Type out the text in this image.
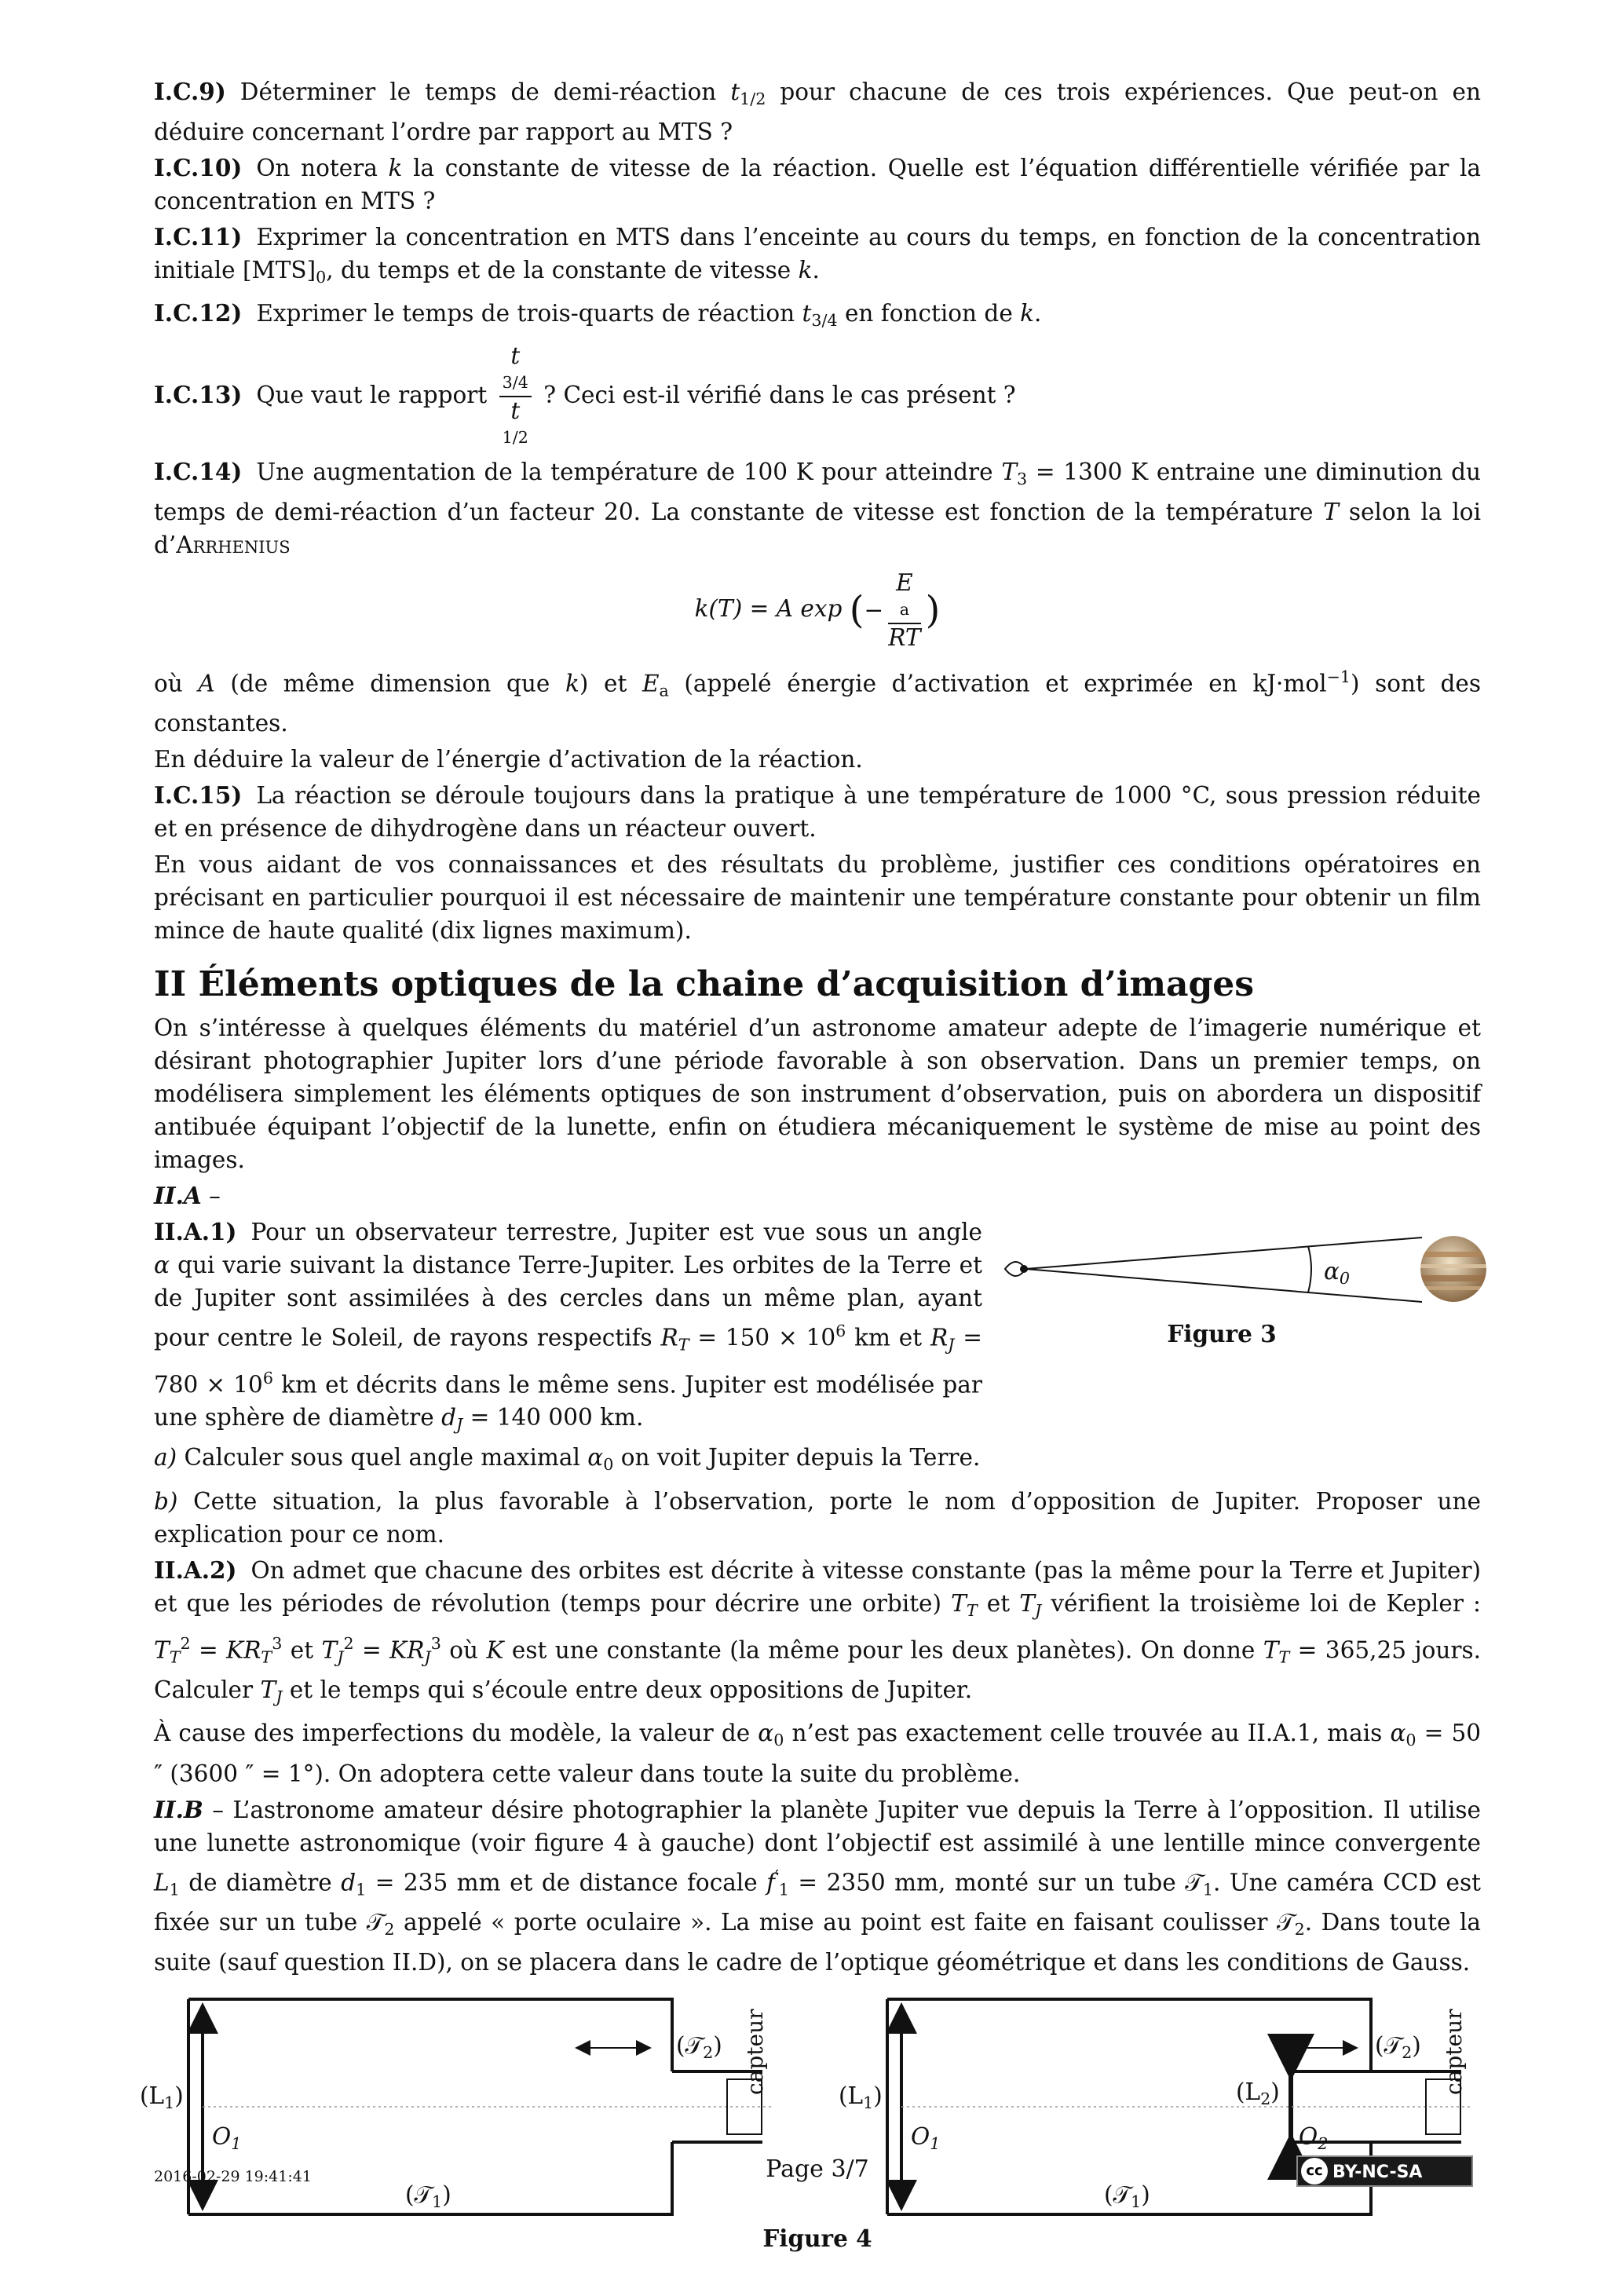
I.C.9) Déterminer le temps de demi-réaction $t_{1/2}$ pour chacune de ces trois expériences. Que peut-on en déduire concernant l’ordre par rapport au MTS ?

I.C.10) On notera k la constante de vitesse de la réaction. Quelle est l’équation différentielle vérifiée par la concentration en MTS ?

I.C.11) Exprimer la concentration en MTS dans l’enceinte au cours du temps, en fonction de la concentration initiale $[MTS]_0$, du temps et de la constante de vitesse k.

I.C.12) Exprimer le temps de trois-quarts de réaction $t_{3/4}$ en fonction de k.

I.C.13) Que vaut le rapport t
3/4
t
1/2 ? Ceci est-il vérifié dans le cas présent ?

I.C.14) Une augmentation de la température de 100 K pour atteindre $T_3 = 1300$ K entraine une diminution du temps de demi-réaction d’un facteur 20. La constante de vitesse est fonction de la température T selon la loi d’Arrhenius

k(T) = A exp (− E
a
RT )

où A (de même dimension que k) et $E_a$ (appelé énergie d’activation et exprimée en kJ·mol$^{-1}$) sont des constantes.

En déduire la valeur de l’énergie d’activation de la réaction.

I.C.15) La réaction se déroule toujours dans la pratique à une température de 1000 °C, sous pression réduite et en présence de dihydrogène dans un réacteur ouvert.

En vous aidant de vos connaissances et des résultats du problème, justifier ces conditions opératoires en précisant en particulier pourquoi il est nécessaire de maintenir une température constante pour obtenir un film mince de haute qualité (dix lignes maximum).

II Éléments optiques de la chaine d’acquisition d’images

On s’intéresse à quelques éléments du matériel d’un astronome amateur adepte de l’imagerie numérique et désirant photographier Jupiter lors d’une période favorable à son observation. Dans un premier temps, on modélisera simplement les éléments optiques de son instrument d’observation, puis on abordera un dispositif antibuée équipant l’objectif de la lunette, enfin on étudiera mécaniquement le système de mise au point des images.

II.A –

II.A.1) Pour un observateur terrestre, Jupiter est vue sous un angle α qui varie suivant la distance Terre-Jupiter. Les orbites de la Terre et de Jupiter sont assimilées à des cercles dans un même plan, ayant pour centre le Soleil, de rayons respectifs $R_T = 150 \times 10^6$ km et $R_J = 780 \times 10^6$ km et décrits dans le même sens. Jupiter est modélisée par une sphère de diamètre $d_J = 140$ 000 km.
$\alpha_0$
Figure 3

a) Calculer sous quel angle maximal $\alpha_0$ on voit Jupiter depuis la Terre.

b) Cette situation, la plus favorable à l’observation, porte le nom d’opposition de Jupiter. Proposer une explication pour ce nom.

II.A.2) On admet que chacune des orbites est décrite à vitesse constante (pas la même pour la Terre et Jupiter) et que les périodes de révolution (temps pour décrire une orbite) $T_T$ et $T_J$ vérifient la troisième loi de Kepler : $T_T^2 = KR_T^3$ et $T_J^2 = KR_J^3$ où K est une constante (la même pour les deux planètes). On donne $T_T = 365,25$ jours. Calculer $T_J$ et le temps qui s’écoule entre deux oppositions de Jupiter.

À cause des imperfections du modèle, la valeur de $\alpha_0$ n’est pas exactement celle trouvée au II.A.1, mais $\alpha_0 = 50$ ″ (3600 ″ = 1°). On adoptera cette valeur dans toute la suite du problème.

II.B – L’astronome amateur désire photographier la planète Jupiter vue depuis la Terre à l’opposition. Il utilise une lunette astronomique (voir figure 4 à gauche) dont l’objectif est assimilé à une lentille mince convergente $L_1$ de diamètre $d_1 = 235$ mm et de distance focale $f'_1 = 2350$ mm, monté sur un tube 𝒯$_1$. Une caméra CCD est fixée sur un tube 𝒯$_2$ appelé « porte oculaire ». La mise au point est faite en faisant coulisser 𝒯$_2$. Dans toute la suite (sauf question II.D), on se placera dans le cadre de l’optique géométrique et dans les conditions de Gauss.

$(L_1)$
$O_1$
(𝒯$_1$)
(𝒯$_2$) capteur
$(L_1)$
$O_1$
(𝒯$_1$)
(𝒯$_2$)
$(L_2)$
$O_2$
capteur
Figure 4
2016-02-29 19:41:41	Page 3/7	cc BY-NC-SA
